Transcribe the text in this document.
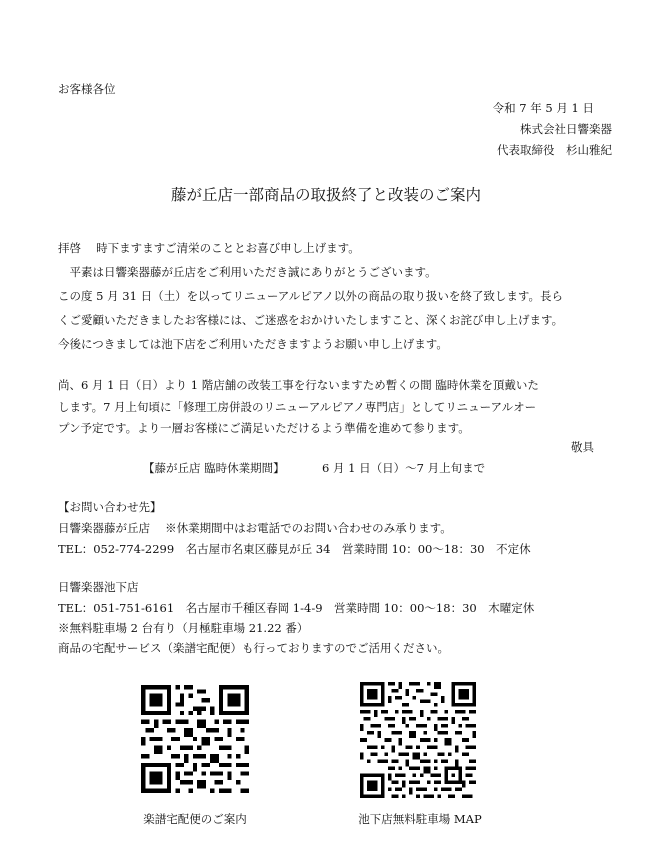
お客様各位
令和 7 年 5 月 1 日
株式会社日響楽器
代表取締役　杉山雅紀
藤が丘店一部商品の取扱終了と改装のご案内
拝啓　 時下ますますご清栄のこととお喜び申し上げます。
　平素は日響楽器藤が丘店をご利用いただき誠にありがとうございます。
この度 5 月 31 日（土）を以ってリニューアルピアノ以外の商品の取り扱いを終了致します。長ら
くご愛顧いただきましたお客様には、ご迷惑をおかけいたしますこと、深くお詫び申し上げます。
今後につきましては池下店をご利用いただきますようお願い申し上げます。
尚、6 月 1 日（日）より 1 階店舗の改装工事を行ないますため暫くの間 臨時休業を頂戴いた
します。7 月上旬頃に「修理工房併設のリニューアルピアノ専門店」としてリニューアルオー
プン予定です。より一層お客様にご満足いただけるよう準備を進めて参ります。
敬具
【藤が丘店 臨時休業期間】	6 月 1 日（日）～7 月上旬まで
【お問い合わせ先】
日響楽器藤が丘店　 ※休業期間中はお電話でのお問い合わせのみ承ります。
TEL：052-774-2299　名古屋市名東区藤見が丘 34　営業時間 10：00～18：30　不定休
日響楽器池下店
TEL：051-751-6161　名古屋市千種区春岡 1-4-9　営業時間 10：00～18：30　木曜定休
※無料駐車場 2 台有り（月極駐車場 21.22 番）
商品の宅配サービス（楽譜宅配便）も行っておりますのでご活用ください。
楽譜宅配便のご案内	池下店無料駐車場 MAP
